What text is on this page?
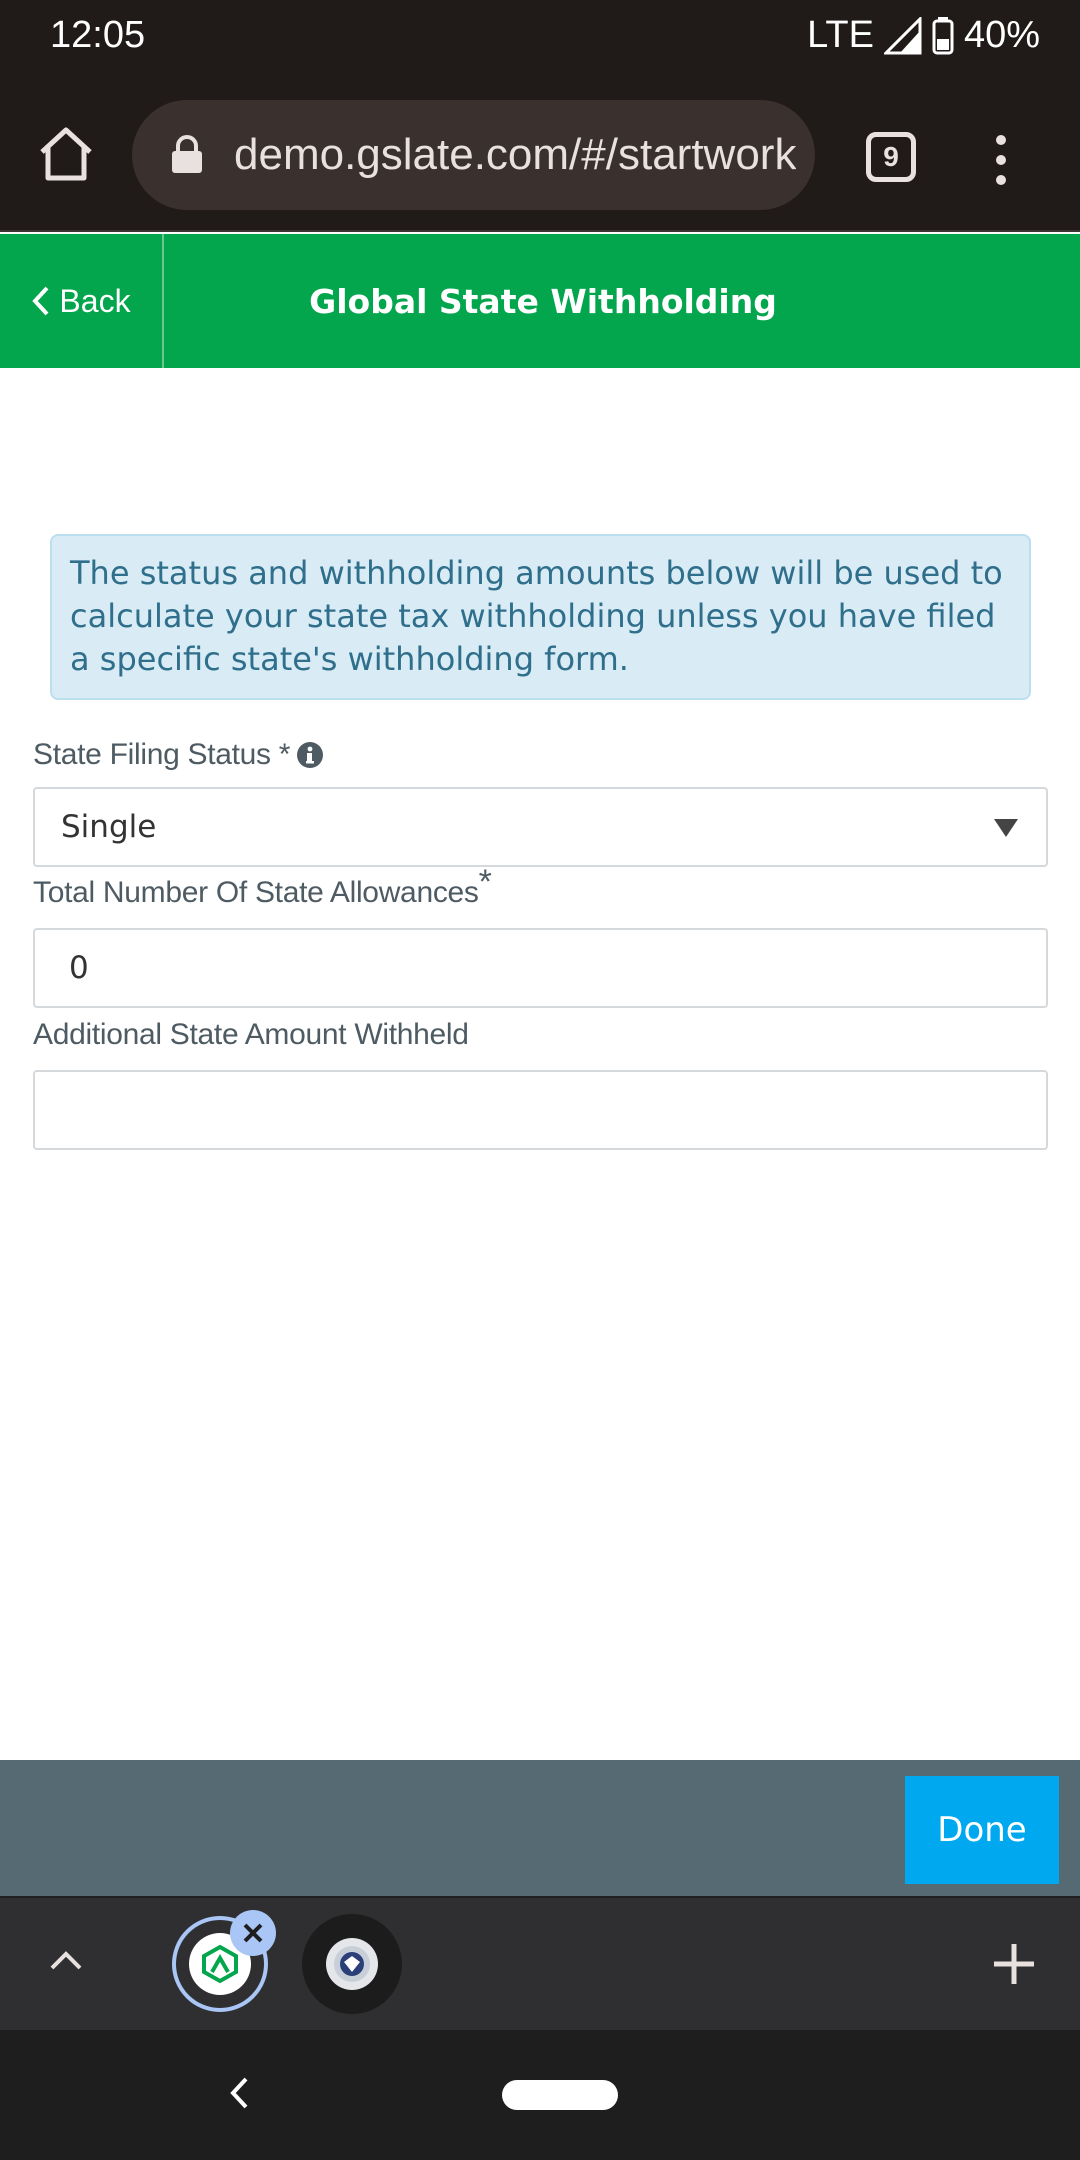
12:05	LTE 40%
demo.gslate.com/#/startwork	9
Back	Global State Withholding
The status and withholding amounts below will be used to calculate your state tax withholding unless you have filed a specific state's withholding form.
State Filing Status *
Single
Total Number Of State Allowances*
0
Additional State Amount Withheld
Done
